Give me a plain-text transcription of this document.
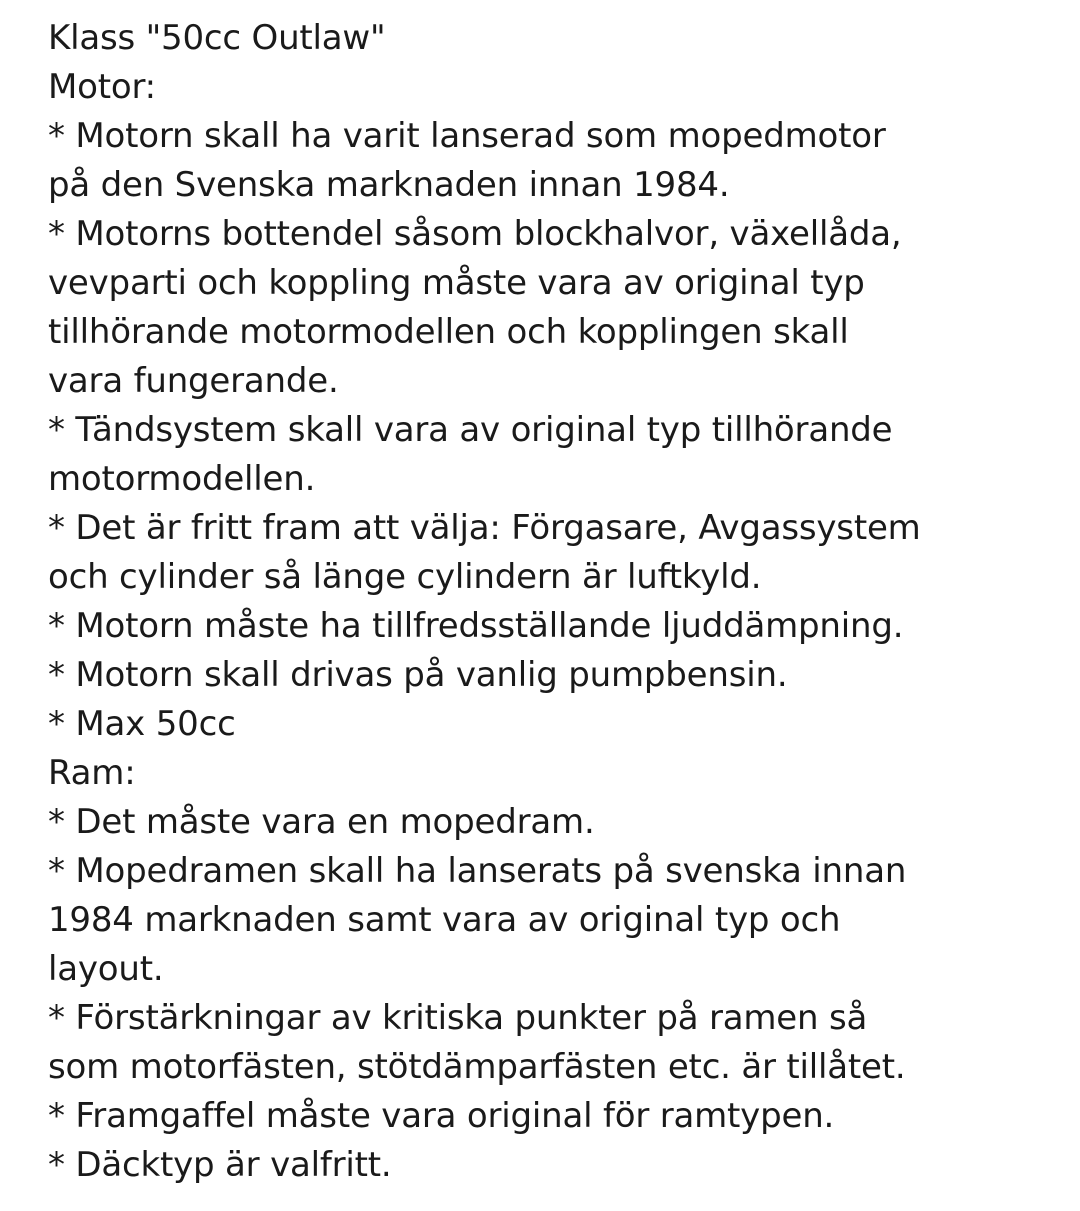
Klass "50cc Outlaw"
Motor:
* Motorn skall ha varit lanserad som mopedmotor
på den Svenska marknaden innan 1984.
* Motorns bottendel såsom blockhalvor, växellåda,
vevparti och koppling måste vara av original typ
tillhörande motormodellen och kopplingen skall
vara fungerande.
* Tändsystem skall vara av original typ tillhörande
motormodellen.
* Det är fritt fram att välja: Förgasare, Avgassystem
och cylinder så länge cylindern är luftkyld.
* Motorn måste ha tillfredsställande ljuddämpning.
* Motorn skall drivas på vanlig pumpbensin.
* Max 50cc
Ram:
* Det måste vara en mopedram.
* Mopedramen skall ha lanserats på svenska innan
1984 marknaden samt vara av original typ och
layout.
* Förstärkningar av kritiska punkter på ramen så
som motorfästen, stötdämparfästen etc. är tillåtet.
* Framgaffel måste vara original för ramtypen.
* Däcktyp är valfritt.
